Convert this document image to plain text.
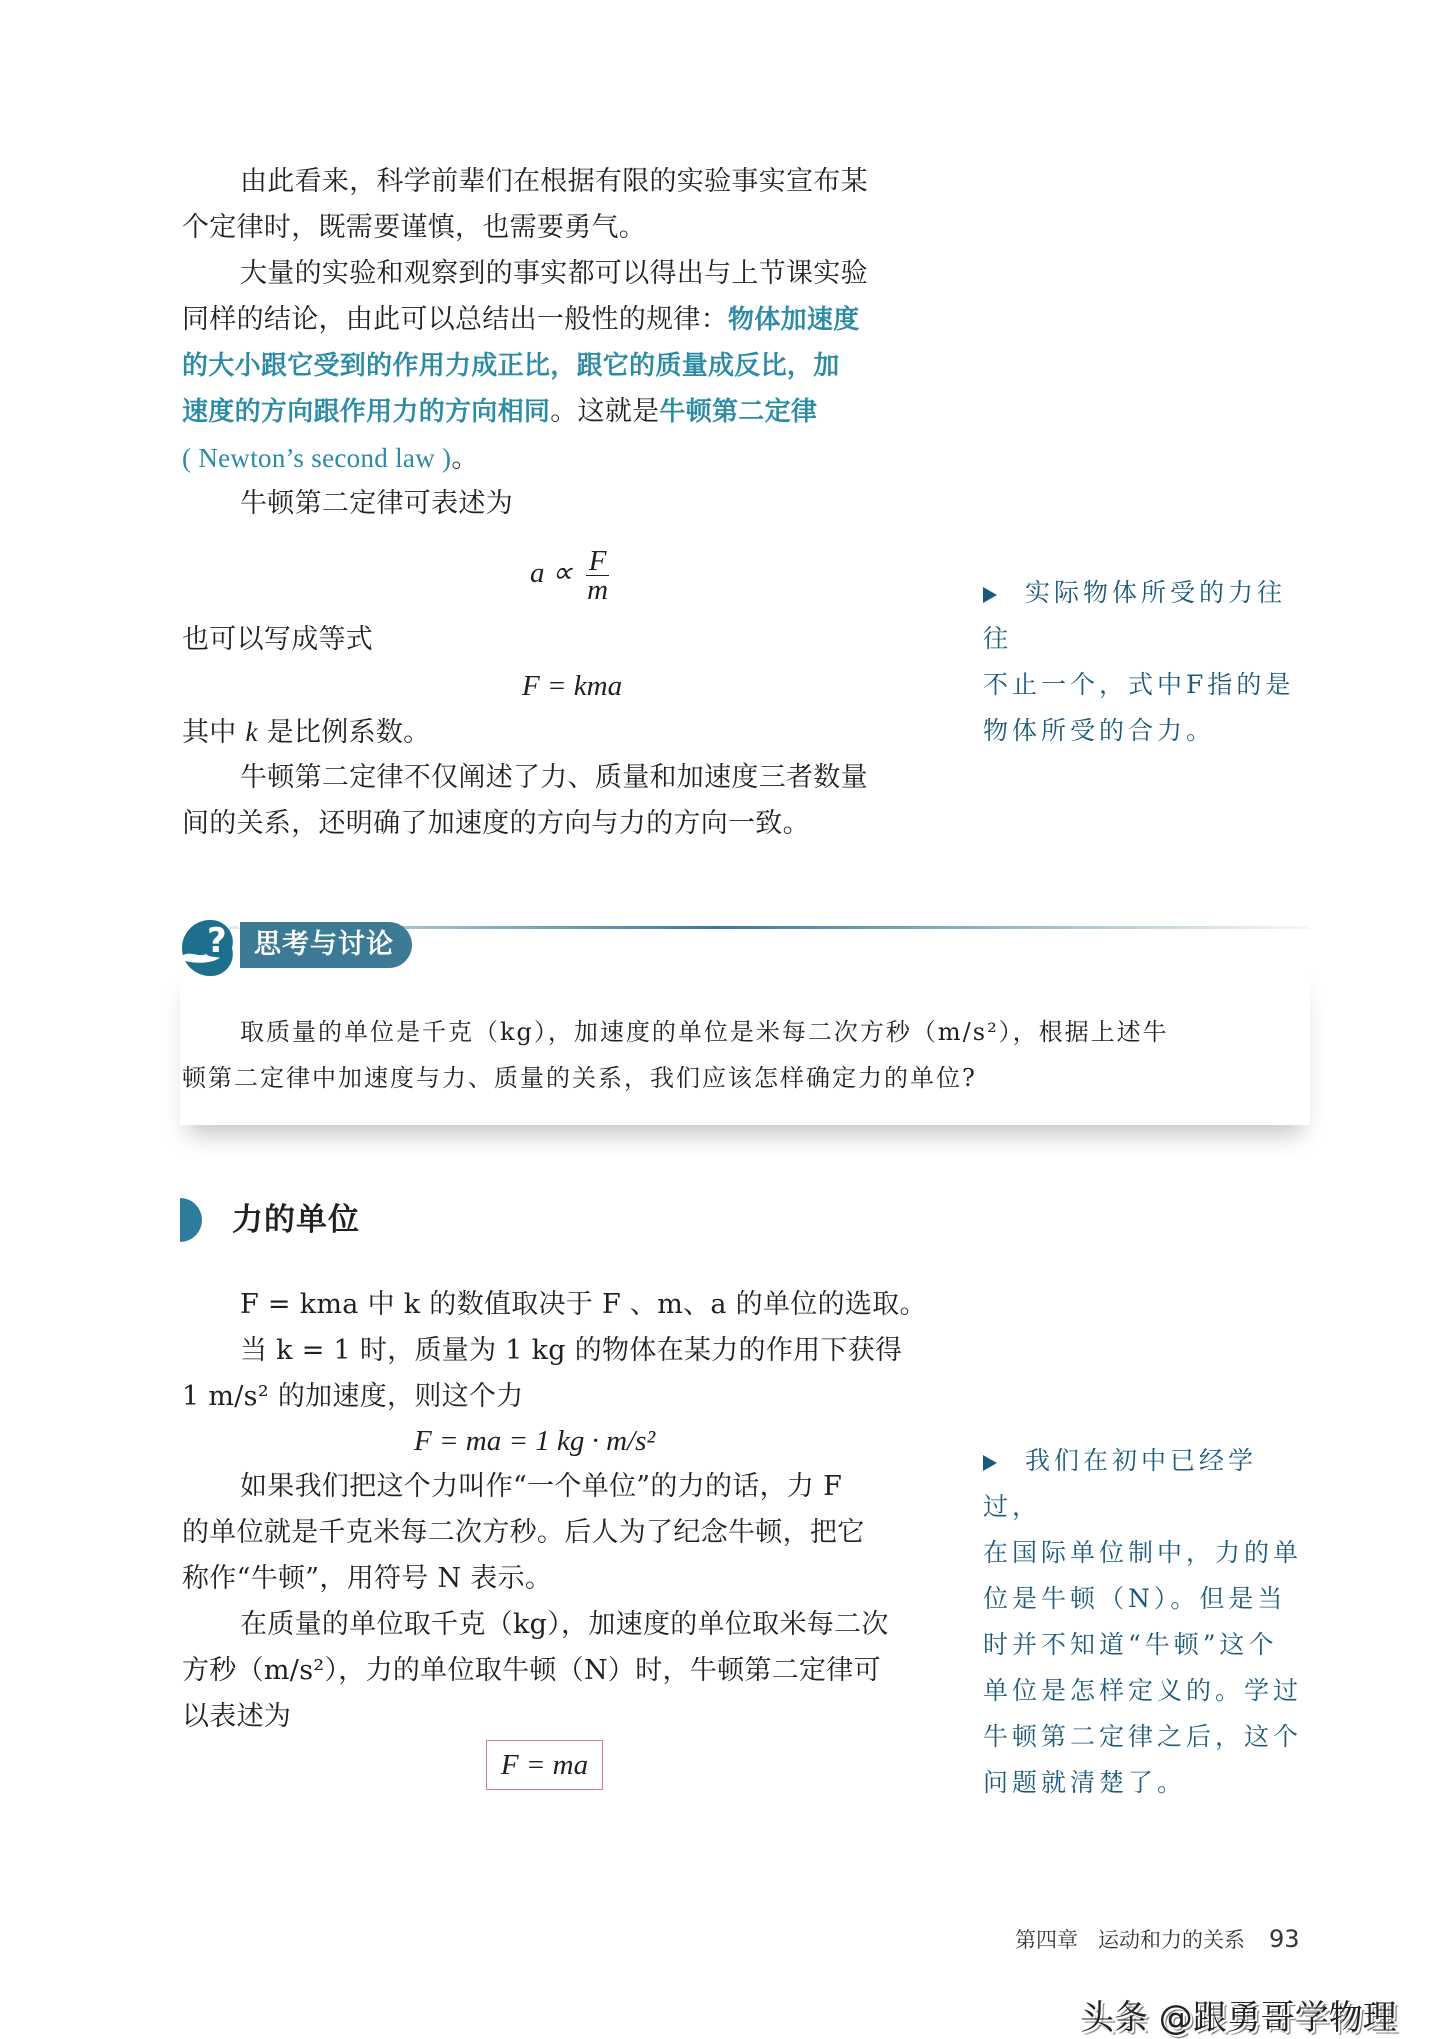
由此看来，科学前辈们在根据有限的实验事实宣布某
个定律时，既需要谨慎，也需要勇气。
大量的实验和观察到的事实都可以得出与上节课实验
同样的结论，由此可以总结出一般性的规律：物体加速度
的大小跟它受到的作用力成正比，跟它的质量成反比，加
速度的方向跟作用力的方向相同。这就是牛顿第二定律
( Newton’s second law )。
牛顿第二定律可表述为
$a \propto \frac{F}{m}$
也可以写成等式
F = kma
其中 k 是比例系数。
牛顿第二定律不仅阐述了力、质量和加速度三者数量
间的关系，还明确了加速度的方向与力的方向一致。
实际物体所受的力往往
不止一个，式中F指的是
物体所受的合力。
?	思考与讨论
取质量的单位是千克（kg），加速度的单位是米每二次方秒（m/s²），根据上述牛
顿第二定律中加速度与力、质量的关系，我们应该怎样确定力的单位?
力的单位
F = kma 中 k 的数值取决于 F 、m、a 的单位的选取。
当 k = 1 时，质量为 1 kg 的物体在某力的作用下获得
1 m/s² 的加速度，则这个力
F = ma = 1 kg · m/s²
如果我们把这个力叫作“一个单位”的力的话，力 F
的单位就是千克米每二次方秒。后人为了纪念牛顿，把它
称作“牛顿”，用符号 N 表示。
在质量的单位取千克（kg），加速度的单位取米每二次
方秒（m/s²），力的单位取牛顿（N）时，牛顿第二定律可
以表述为
F = ma
我们在初中已经学过，
在国际单位制中，力的单
位是牛顿（N）。但是当
时并不知道“牛顿”这个
单位是怎样定义的。学过
牛顿第二定律之后，这个
问题就清楚了。
第四章 运动和力的关系 93
头条 @跟勇哥学物理
